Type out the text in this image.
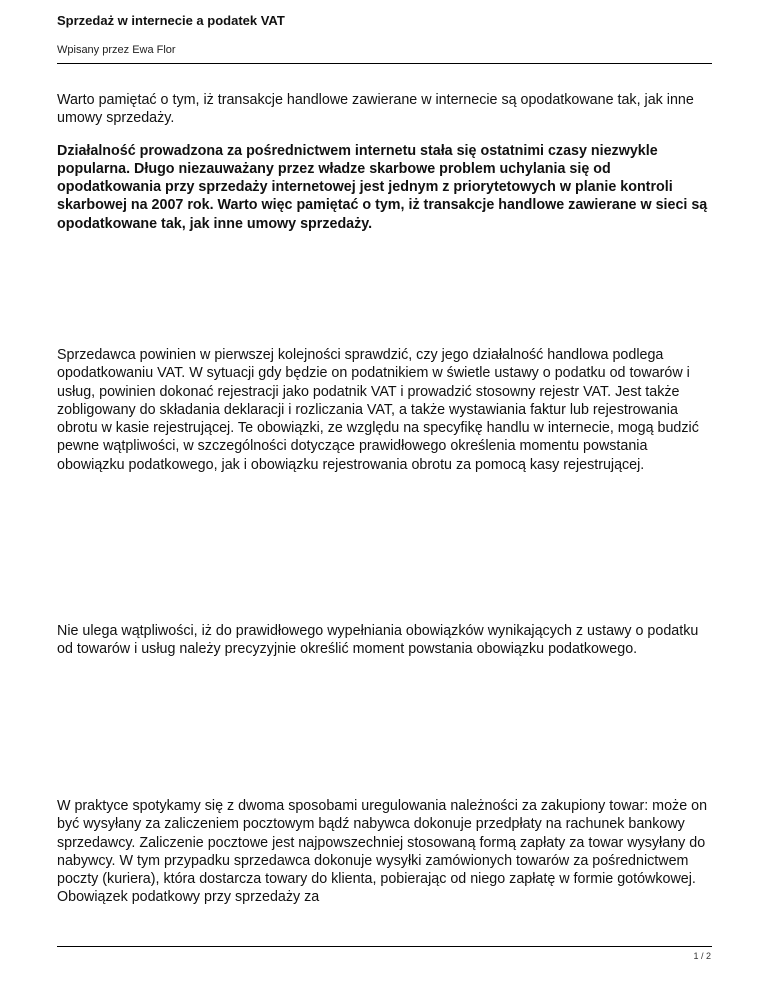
Sprzedaż w internecie a podatek VAT
Wpisany przez Ewa Flor

Warto pamiętać o tym, iż transakcje handlowe zawierane w internecie są opodatkowane tak, jak inne umowy sprzedaży.

Działalność prowadzona za pośrednictwem internetu stała się ostatnimi czasy niezwykle popularna. Długo niezauważany przez władze skarbowe problem uchylania się od opodatkowania przy sprzedaży internetowej jest jednym z priorytetowych w planie kontroli skarbowej na 2007 rok. Warto więc pamiętać o tym, iż transakcje handlowe zawierane w sieci są opodatkowane tak, jak inne umowy sprzedaży.

Sprzedawca powinien w pierwszej kolejności sprawdzić, czy jego działalność handlowa podlega opodatkowaniu VAT. W sytuacji gdy będzie on podatnikiem w świetle ustawy o podatku od towarów i usług, powinien dokonać rejestracji jako podatnik VAT i prowadzić stosowny rejestr VAT. Jest także zobligowany do składania deklaracji i rozliczania VAT, a także wystawiania faktur lub rejestrowania obrotu w kasie rejestrującej. Te obowiązki, ze względu na specyfikę handlu w internecie, mogą budzić pewne wątpliwości, w szczególności dotyczące prawidłowego określenia momentu powstania obowiązku podatkowego, jak i obowiązku rejestrowania obrotu za pomocą kasy rejestrującej.

Nie ulega wątpliwości, iż do prawidłowego wypełniania obowiązków wynikających z ustawy o podatku od towarów i usług należy precyzyjnie określić moment powstania obowiązku podatkowego.

W praktyce spotykamy się z dwoma sposobami uregulowania należności za zakupiony towar: może on być wysyłany za zaliczeniem pocztowym bądź nabywca dokonuje przedpłaty na rachunek bankowy sprzedawcy. Zaliczenie pocztowe jest najpowszechniej stosowaną formą zapłaty za towar wysyłany do nabywcy. W tym przypadku sprzedawca dokonuje wysyłki zamówionych towarów za pośrednictwem poczty (kuriera), która dostarcza towary do klienta, pobierając od niego zapłatę w formie gotówkowej. Obowiązek podatkowy przy sprzedaży za

1 / 2
